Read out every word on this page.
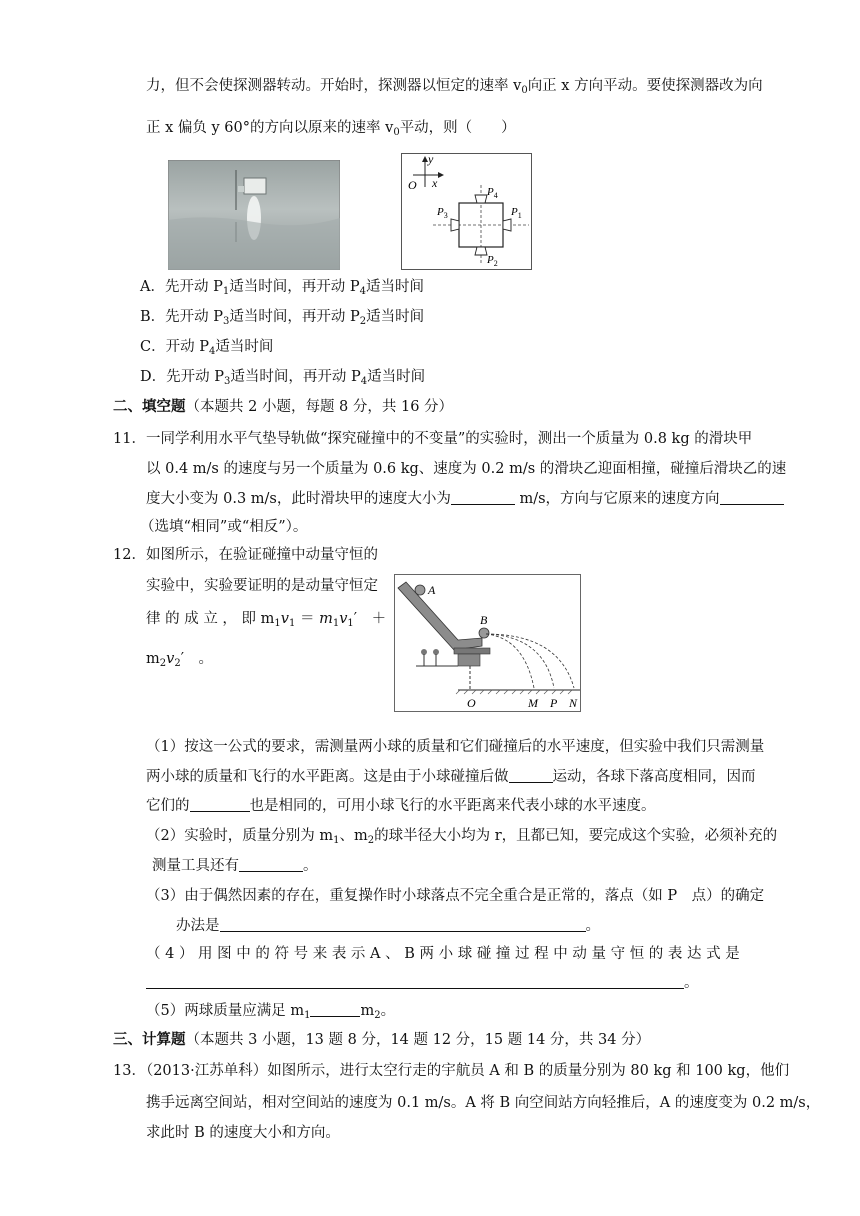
力，但不会使探测器转动。开始时，探测器以恒定的速率 $v_0$向正 x 方向平动。要使探测器改为向
正 x 偏负 y 60°的方向以原来的速率 $v_0$平动，则（　　）
O x
y
$P_4$
$P_2$
$P_3$	$P_1$
A．先开动 $P_1$适当时间，再开动 $P_4$适当时间
B．先开动 $P_3$适当时间，再开动 $P_2$适当时间
C．开动 $P_4$适当时间
D．先开动 $P_3$适当时间，再开动 $P_4$适当时间
二、填空题（本题共 2 小题，每题 8 分，共 16 分）
11．一同学利用水平气垫导轨做“探究碰撞中的不变量”的实验时，测出一个质量为 0.8 kg 的滑块甲
以 0.4 m/s 的速度与另一个质量为 0.6 kg、速度为 0.2 m/s 的滑块乙迎面相撞，碰撞后滑块乙的速
度大小变为 0.3 m/s，此时滑块甲的速度大小为	m/s，方向与它原来的速度方向
（选填“相同”或“相反”）。
12．如图所示，在验证碰撞中动量守恒的
实验中，实验要证明的是动量守恒定
律 的 成 立 ， 即 $m_1v_1 = m_1v_1'$　＋
$m_2v_2'$　。
A
B
O	M P N
（1）按这一公式的要求，需测量两小球的质量和它们碰撞后的水平速度，但实验中我们只需测量
两小球的质量和飞行的水平距离。这是由于小球碰撞后做	运动，各球下落高度相同，因而
它们的	也是相同的，可用小球飞行的水平距离来代表小球的水平速度。
（2）实验时，质量分别为 $m_1$、$m_2$的球半径大小均为 r，且都已知，要完成这个实验，必须补充的
测量工具还有	。
（3）由于偶然因素的存在，重复操作时小球落点不完全重合是正常的，落点（如 P　点）的确定
办法是	。
（ 4 ） 用 图 中 的 符 号 来 表 示 A 、 B 两 小 球 碰 撞 过 程 中 动 量 守 恒 的 表 达 式 是
。
（5）两球质量应满足 $m_1$	$m_2$。
三、计算题（本题共 3 小题，13 题 8 分，14 题 12 分，15 题 14 分，共 34 分）
13．（2013·江苏单科）如图所示，进行太空行走的宇航员 A 和 B 的质量分别为 80 kg 和 100 kg，他们
携手远离空间站，相对空间站的速度为 0.1 m/s。A 将 B 向空间站方向轻推后，A 的速度变为 0.2 m/s，
求此时 B 的速度大小和方向。
